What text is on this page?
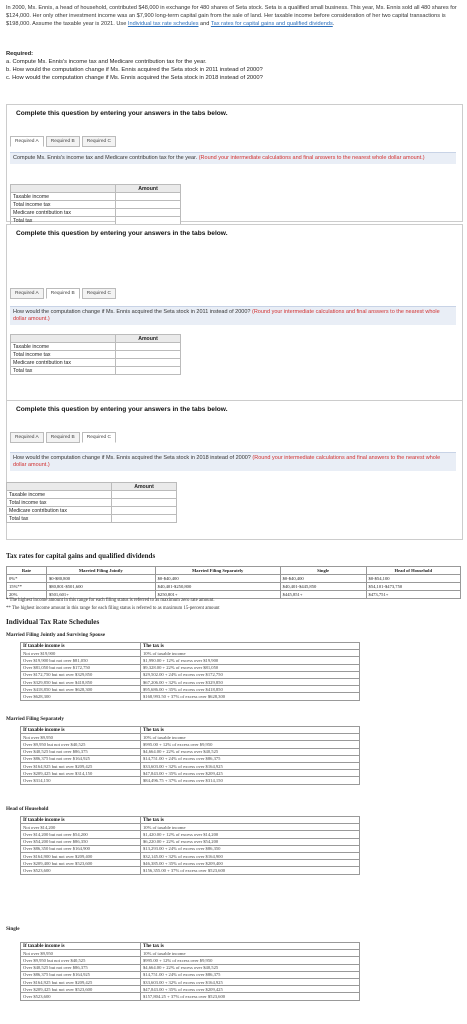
In 2000, Ms. Ennis, a head of household, contributed $48,000 in exchange for 480 shares of Seta stock. Seta is a qualified small business. This year, Ms. Ennis sold all 480 shares for $124,000. Her only other investment income was an $7,900 long-term capital gain from the sale of land. Her taxable income before consideration of her two capital transactions is $198,000. Assume the taxable year is 2021. Use Individual tax rate schedules and Tax rates for capital gains and qualified dividends.
Required:
a. Compute Ms. Ennis's income tax and Medicare contribution tax for the year.
b. How would the computation change if Ms. Ennis acquired the Seta stock in 2011 instead of 2000?
c. How would the computation change if Ms. Ennis acquired the Seta stock in 2018 instead of 2000?
Complete this question by entering your answers in the tabs below.
Required A	Required B	Required C
Compute Ms. Ennis's income tax and Medicare contribution tax for the year. (Round your intermediate calculations and final answers to the nearest whole dollar amount.)
	Amount
Taxable income	
Total income tax	
Medicare contribution tax	
Total tax	
Complete this question by entering your answers in the tabs below.
Required A	Required B	Required C
How would the computation change if Ms. Ennis acquired the Seta stock in 2011 instead of 2000? (Round your intermediate calculations and final answers to the nearest whole dollar amount.)
	Amount
Taxable income	
Total income tax	
Medicare contribution tax	
Total tax	
Complete this question by entering your answers in the tabs below.
Required A	Required B	Required C
How would the computation change if Ms. Ennis acquired the Seta stock in 2018 instead of 2000? (Round your intermediate calculations and final answers to the nearest whole dollar amount.)
	Amount
Taxable income	
Total income tax	
Medicare contribution tax	
Total tax	
Tax rates for capital gains and qualified dividends
Rate	Married Filing Jointly	Married Filing Separately	Single	Head of Household
0%*	$0-$80,800	$0-$40,400	$0-$40,400	$0-$54,100
15%**	$80,801-$501,600	$40,401-$250,800	$40,401-$445,850	$54,101-$473,750
20%	$501,601+	$250,801+	$445,851+	$473,751+
* The highest income amount in this range for each filing status is referred to as maximum zero rate amount.
** The highest income amount in this range for each filing status is referred to as maximum 15-percent amount
Individual Tax Rate Schedules
Married Filing Jointly and Surviving Spouse
If taxable income is	The tax is
Not over $19,900	10% of taxable income
Over $19,900 but not over $81,050	$1,990.00 + 12% of excess over $19,900
Over $81,050 but not over $172,750	$9,328.00 + 22% of excess over $81,050
Over $172,750 but not over $329,850	$29,502.00 + 24% of excess over $172,750
Over $329,850 but not over $418,850	$67,206.00 + 32% of excess over $329,850
Over $418,850 but not over $628,300	$95,686.00 + 35% of excess over $418,850
Over $628,300	$168,993.50 + 37% of excess over $628,300
Married Filing Separately
If taxable income is	The tax is
Not over $9,950	10% of taxable income
Over $9,950 but not over $40,525	$995.00 + 12% of excess over $9,950
Over $40,525 but not over $86,375	$4,664.00 + 22% of excess over $40,525
Over $86,375 but not over $164,925	$14,751.00 + 24% of excess over $86,375
Over $164,925 but not over $209,425	$33,603.00 + 32% of excess over $164,925
Over $209,425 but not over $314,150	$47,843.00 + 35% of excess over $209,425
Over $314,150	$84,496.75 + 37% of excess over $314,150
Head of Household
If taxable income is	The tax is
Not over $14,200	10% of taxable income
Over $14,200 but not over $54,200	$1,420.00 + 12% of excess over $14,200
Over $54,200 but not over $86,350	$6,220.00 + 22% of excess over $54,200
Over $86,350 but not over $164,900	$13,293.00 + 24% of excess over $86,350
Over $164,900 but not over $209,400	$32,145.00 + 32% of excess over $164,900
Over $209,400 but not over $523,600	$46,385.00 + 35% of excess over $209,400
Over $523,600	$156,355.00 + 37% of excess over $523,600
Single
If taxable income is	The tax is
Not over $9,950	10% of taxable income
Over $9,950 but not over $40,525	$995.00 + 12% of excess over $9,950
Over $40,525 but not over $86,375	$4,664.00 + 22% of excess over $40,525
Over $86,375 but not over $164,925	$14,751.00 + 24% of excess over $86,375
Over $164,925 but not over $209,425	$33,603.00 + 32% of excess over $164,925
Over $209,425 but not over $523,600	$47,843.00 + 35% of excess over $209,425
Over $523,600	$157,804.25 + 37% of excess over $523,600
